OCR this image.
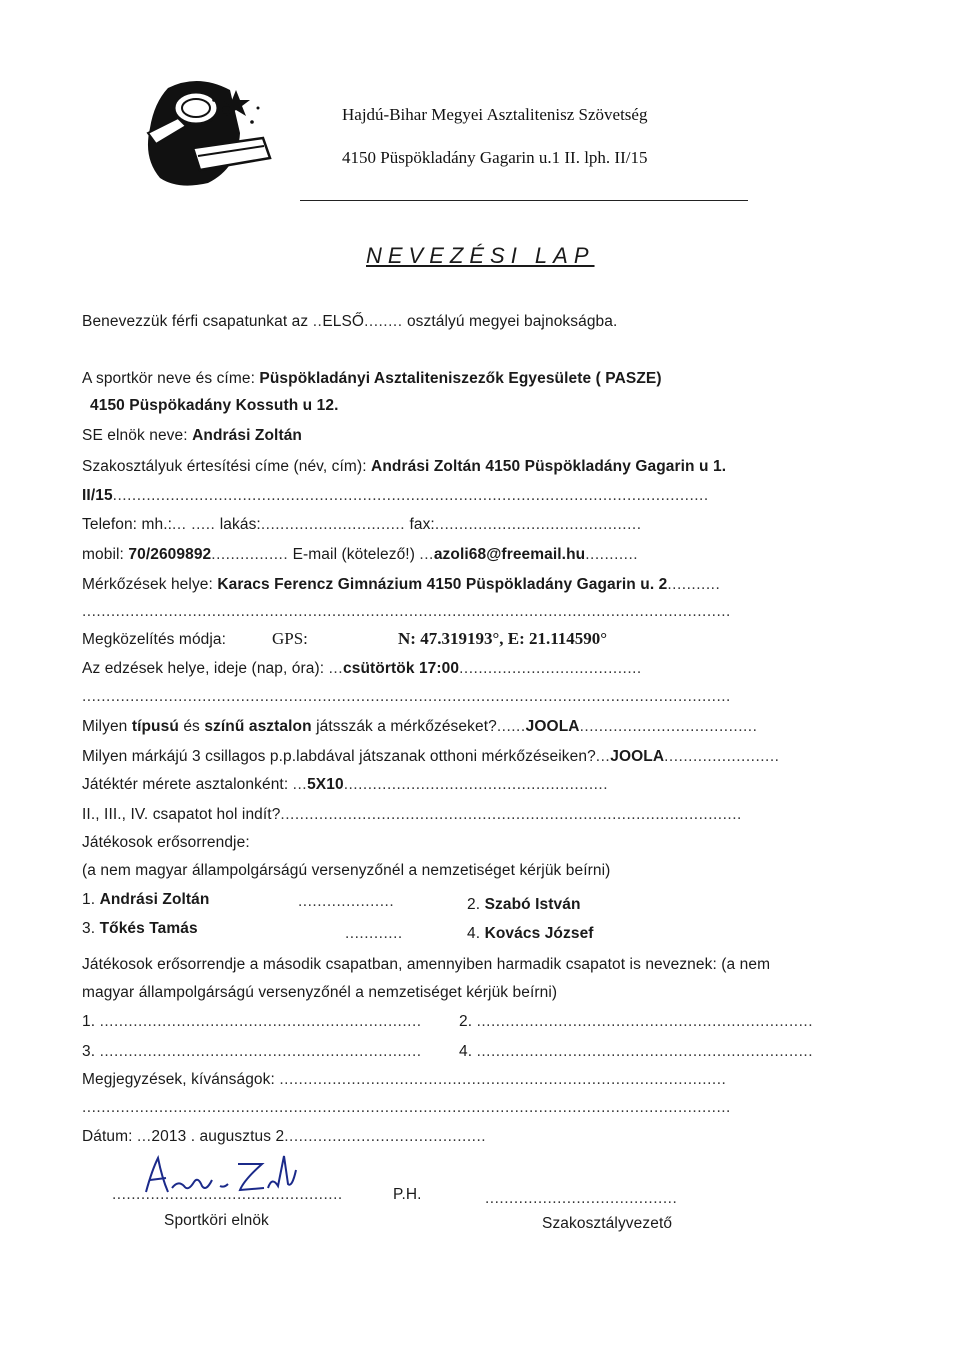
Hajdú-Bihar Megyei Asztalitenisz Szövetség
4150 Püspökladány Gagarin u.1 II. lph. II/15
NEVEZÉSI LAP
Benevezzük férfi csapatunkat az ..ELSŐ........ osztályú megyei bajnokságba.
A sportkör neve és címe: Püspökladányi Asztaliteniszezők Egyesülete ( PASZE)
4150 Püspökadány Kossuth u 12.
SE elnök neve: Andrási Zoltán
Szakosztályuk értesítési címe (név, cím): Andrási Zoltán 4150 Püspökladány Gagarin u 1.
II/15............................................................................................................................
Telefon: mh.:... ..... lakás:.............................. fax:...........................................
mobil: 70/2609892................ E-mail (kötelező!) ...azoli68@freemail.hu...........
Mérkőzések helye: Karacs Ferencz Gimnázium 4150 Püspökladány Gagarin u. 2...........
.......................................................................................................................................
Megközelítés módja:	GPS:	N: 47.319193°, E: 21.114590°
Az edzések helye, ideje (nap, óra): ...csütörtök 17:00......................................
.......................................................................................................................................
Milyen típusú és színű asztalon játsszák a mérkőzéseket?......JOOLA.....................................
Milyen márkájú 3 csillagos p.p.labdával játszanak otthoni mérkőzéseiken?...JOOLA........................
Játéktér mérete asztalonként: ...5X10.......................................................
II., III., IV. csapatot hol indít?................................................................................................
Játékosok erősorrendje:
(a nem magyar állampolgárságú versenyzőnél a nemzetiséget kérjük beírni)
1. Andrási Zoltán	....................	2. Szabó István
3. Tőkés Tamás	............	4. Kovács József
Játékosok erősorrendje a második csapatban, amennyiben harmadik csapatot is neveznek: (a nem
magyar állampolgárságú versenyzőnél a nemzetiséget kérjük beírni)
1. ................................................................... 2. ......................................................................
3. ................................................................... 4. ......................................................................
Megjegyzések, kívánságok: .............................................................................................
.......................................................................................................................................
Dátum: ...2013 . augusztus 2..........................................
................................................
Sportköri elnök
P.H.	........................................
Szakosztályvezető
